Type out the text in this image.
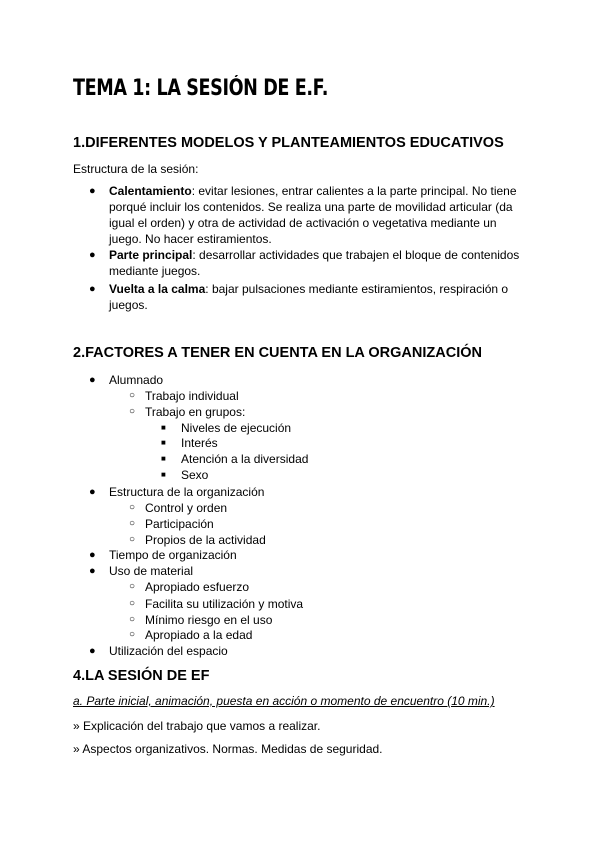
TEMA 1: LA SESIÓN DE E.F.
1.DIFERENTES MODELOS Y PLANTEAMIENTOS EDUCATIVOS

Estructura de la sesión:

● Calentamiento: evitar lesiones, entrar calientes a la parte principal. No tiene
porqué incluir los contenidos. Se realiza una parte de movilidad articular (da
igual el orden) y otra de actividad de activación o vegetativa mediante un
juego. No hacer estiramientos.
● Parte principal: desarrollar actividades que trabajen el bloque de contenidos
mediante juegos.
● Vuelta a la calma: bajar pulsaciones mediante estiramientos, respiración o
juegos.
2.FACTORES A TENER EN CUENTA EN LA ORGANIZACIÓN
● Alumnado
○ Trabajo individual
○ Trabajo en grupos:
■ Niveles de ejecución
■ Interés
■ Atención a la diversidad
■ Sexo
● Estructura de la organización
○ Control y orden
○ Participación
○ Propios de la actividad
● Tiempo de organización
● Uso de material
○ Apropiado esfuerzo
○ Facilita su utilización y motiva
○ Mínimo riesgo en el uso
○ Apropiado a la edad
● Utilización del espacio
4.LA SESIÓN DE EF

a. Parte inicial, animación, puesta en acción o momento de encuentro (10 min.)

» Explicación del trabajo que vamos a realizar.

» Aspectos organizativos. Normas. Medidas de seguridad.
